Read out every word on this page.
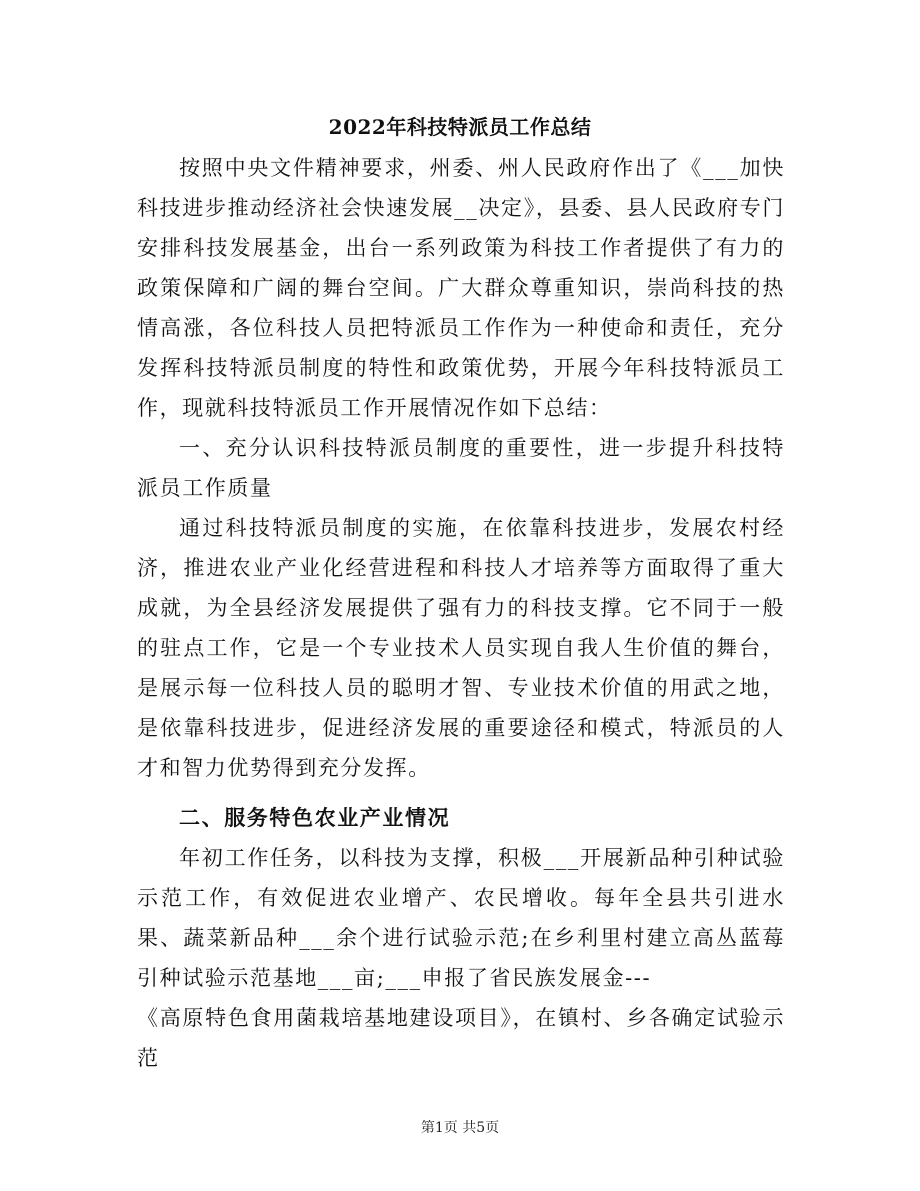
2022年科技特派员工作总结

按照中央文件精神要求，州委、州人民政府作出了《___加快科技进步推动经济社会快速发展__决定》，县委、县人民政府专门安排科技发展基金，出台一系列政策为科技工作者提供了有力的政策保障和广阔的舞台空间。广大群众尊重知识，崇尚科技的热情高涨，各位科技人员把特派员工作作为一种使命和责任，充分发挥科技特派员制度的特性和政策优势，开展今年科技特派员工作，现就科技特派员工作开展情况作如下总结：

一、充分认识科技特派员制度的重要性，进一步提升科技特派员工作质量

通过科技特派员制度的实施，在依靠科技进步，发展农村经济，推进农业产业化经营进程和科技人才培养等方面取得了重大成就，为全县经济发展提供了强有力的科技支撑。它不同于一般的驻点工作，它是一个专业技术人员实现自我人生价值的舞台，是展示每一位科技人员的聪明才智、专业技术价值的用武之地，是依靠科技进步，促进经济发展的重要途径和模式，特派员的人才和智力优势得到充分发挥。

二、服务特色农业产业情况

年初工作任务，以科技为支撑，积极___开展新品种引种试验示范工作，有效促进农业增产、农民增收。每年全县共引进水果、蔬菜新品种___余个进行试验示范;在乡利里村建立高丛蓝莓引种试验示范基地___亩;___申报了省民族发展金---

《高原特色食用菌栽培基地建设项目》，在镇村、乡各确定试验示范

第1页 共5页
